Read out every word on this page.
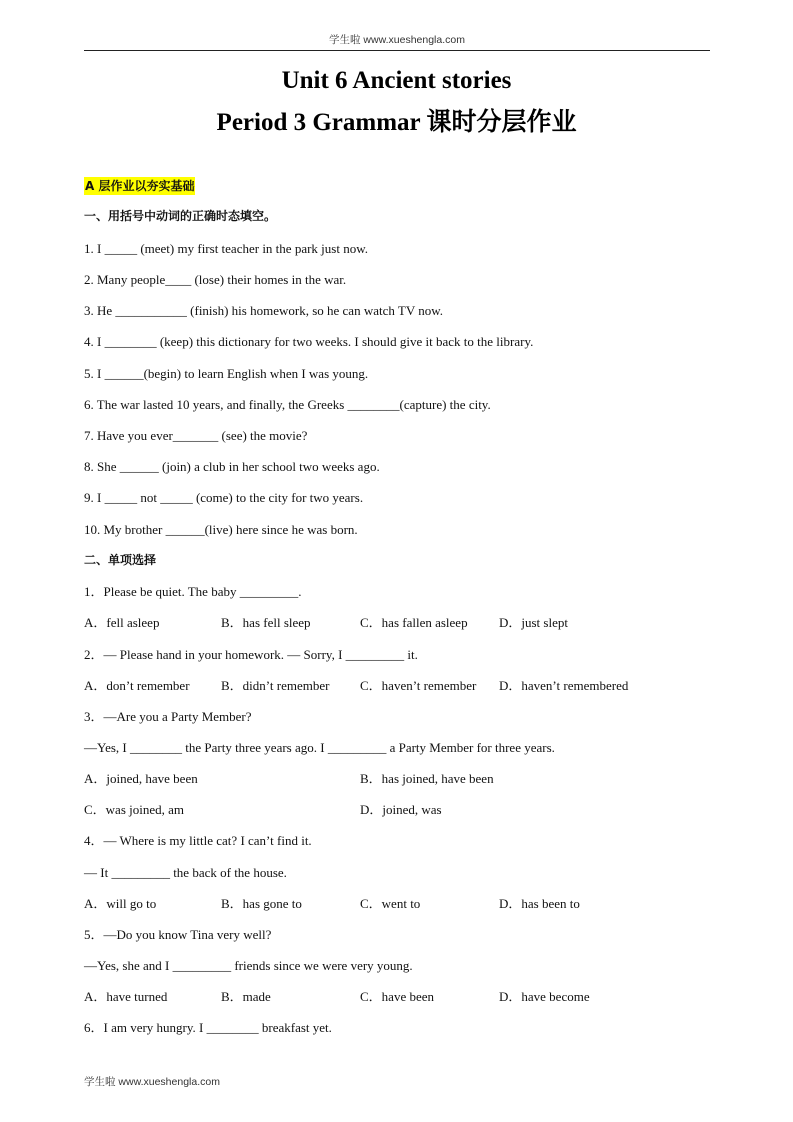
学生啦 www.xueshengla.com
Unit 6 Ancient stories
Period 3 Grammar 课时分层作业
A 层作业以夯实基础
一、用括号中动词的正确时态填空。
1. I _____ (meet) my first teacher in the park just now.
2. Many people____ (lose) their homes in the war.
3. He ___________ (finish) his homework, so he can watch TV now.
4. I ________ (keep) this dictionary for two weeks. I should give it back to the library.
5. I ______(begin) to learn English when I was young.
6. The war lasted 10 years, and finally, the Greeks ________(capture) the city.
7. Have you ever_______ (see) the movie?
8. She ______ (join) a club in her school two weeks ago.
9. I _____ not _____ (come) to the city for two years.
10. My brother ______(live) here since he was born.
二、单项选择
1．Please be quiet. The baby _________.
A．fell asleep	B．has fell sleep	C．has fallen asleep D．just slept
2．— Please hand in your homework. — Sorry, I _________ it.
A．don’t remember B．didn’t remember C．haven’t remember D．haven’t remembered
3．—Are you a Party Member?
—Yes, I ________ the Party three years ago. I _________ a Party Member for three years.
A．joined, have been	B．has joined, have been
C．was joined, am	D．joined, was
4．— Where is my little cat? I can’t find it.
— It _________ the back of the house.
A．will go to	B．has gone to	C．went to	D．has been to
5．—Do you know Tina very well?
—Yes, she and I _________ friends since we were very young.
A．have turned	B．made	C．have been	D．have become
6．I am very hungry. I ________ breakfast yet.
学生啦 www.xueshengla.com
